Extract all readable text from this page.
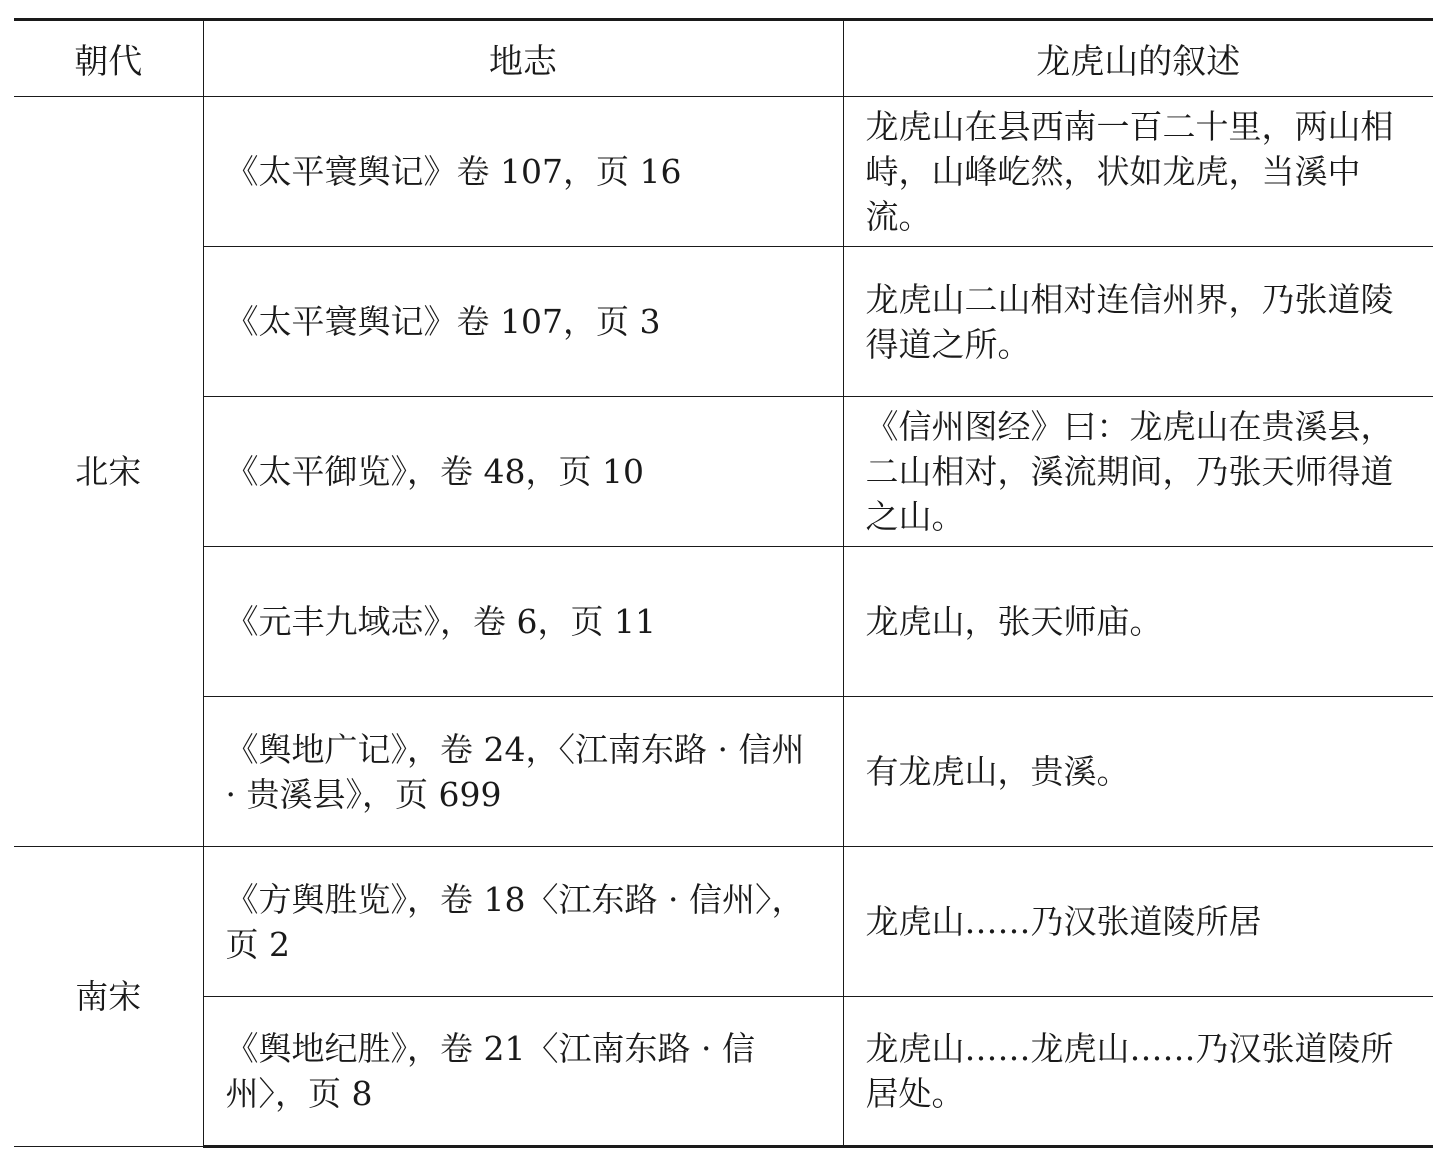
朝代	地志	龙虎山的叙述
北宋	《太平寰舆记》卷 107，页 16	龙虎山在县西南一百二十里，两山相峙，山峰屹然，状如龙虎，当溪中流。
	《太平寰舆记》卷 107，页 3	龙虎山二山相对连信州界，乃张道陵得道之所。
	《太平御览》，卷 48，页 10	《信州图经》曰：龙虎山在贵溪县，二山相对，溪流期间，乃张天师得道之山。
	《元丰九域志》，卷 6，页 11	龙虎山，张天师庙。
	《舆地广记》，卷 24，〈江南东路 · 信州 · 贵溪县》，页 699	有龙虎山，贵溪。
南宋	《方舆胜览》，卷 18〈江东路 · 信州〉，页 2	龙虎山……乃汉张道陵所居
	《舆地纪胜》，卷 21〈江南东路 · 信州〉，页 8	龙虎山……龙虎山……乃汉张道陵所居处。
